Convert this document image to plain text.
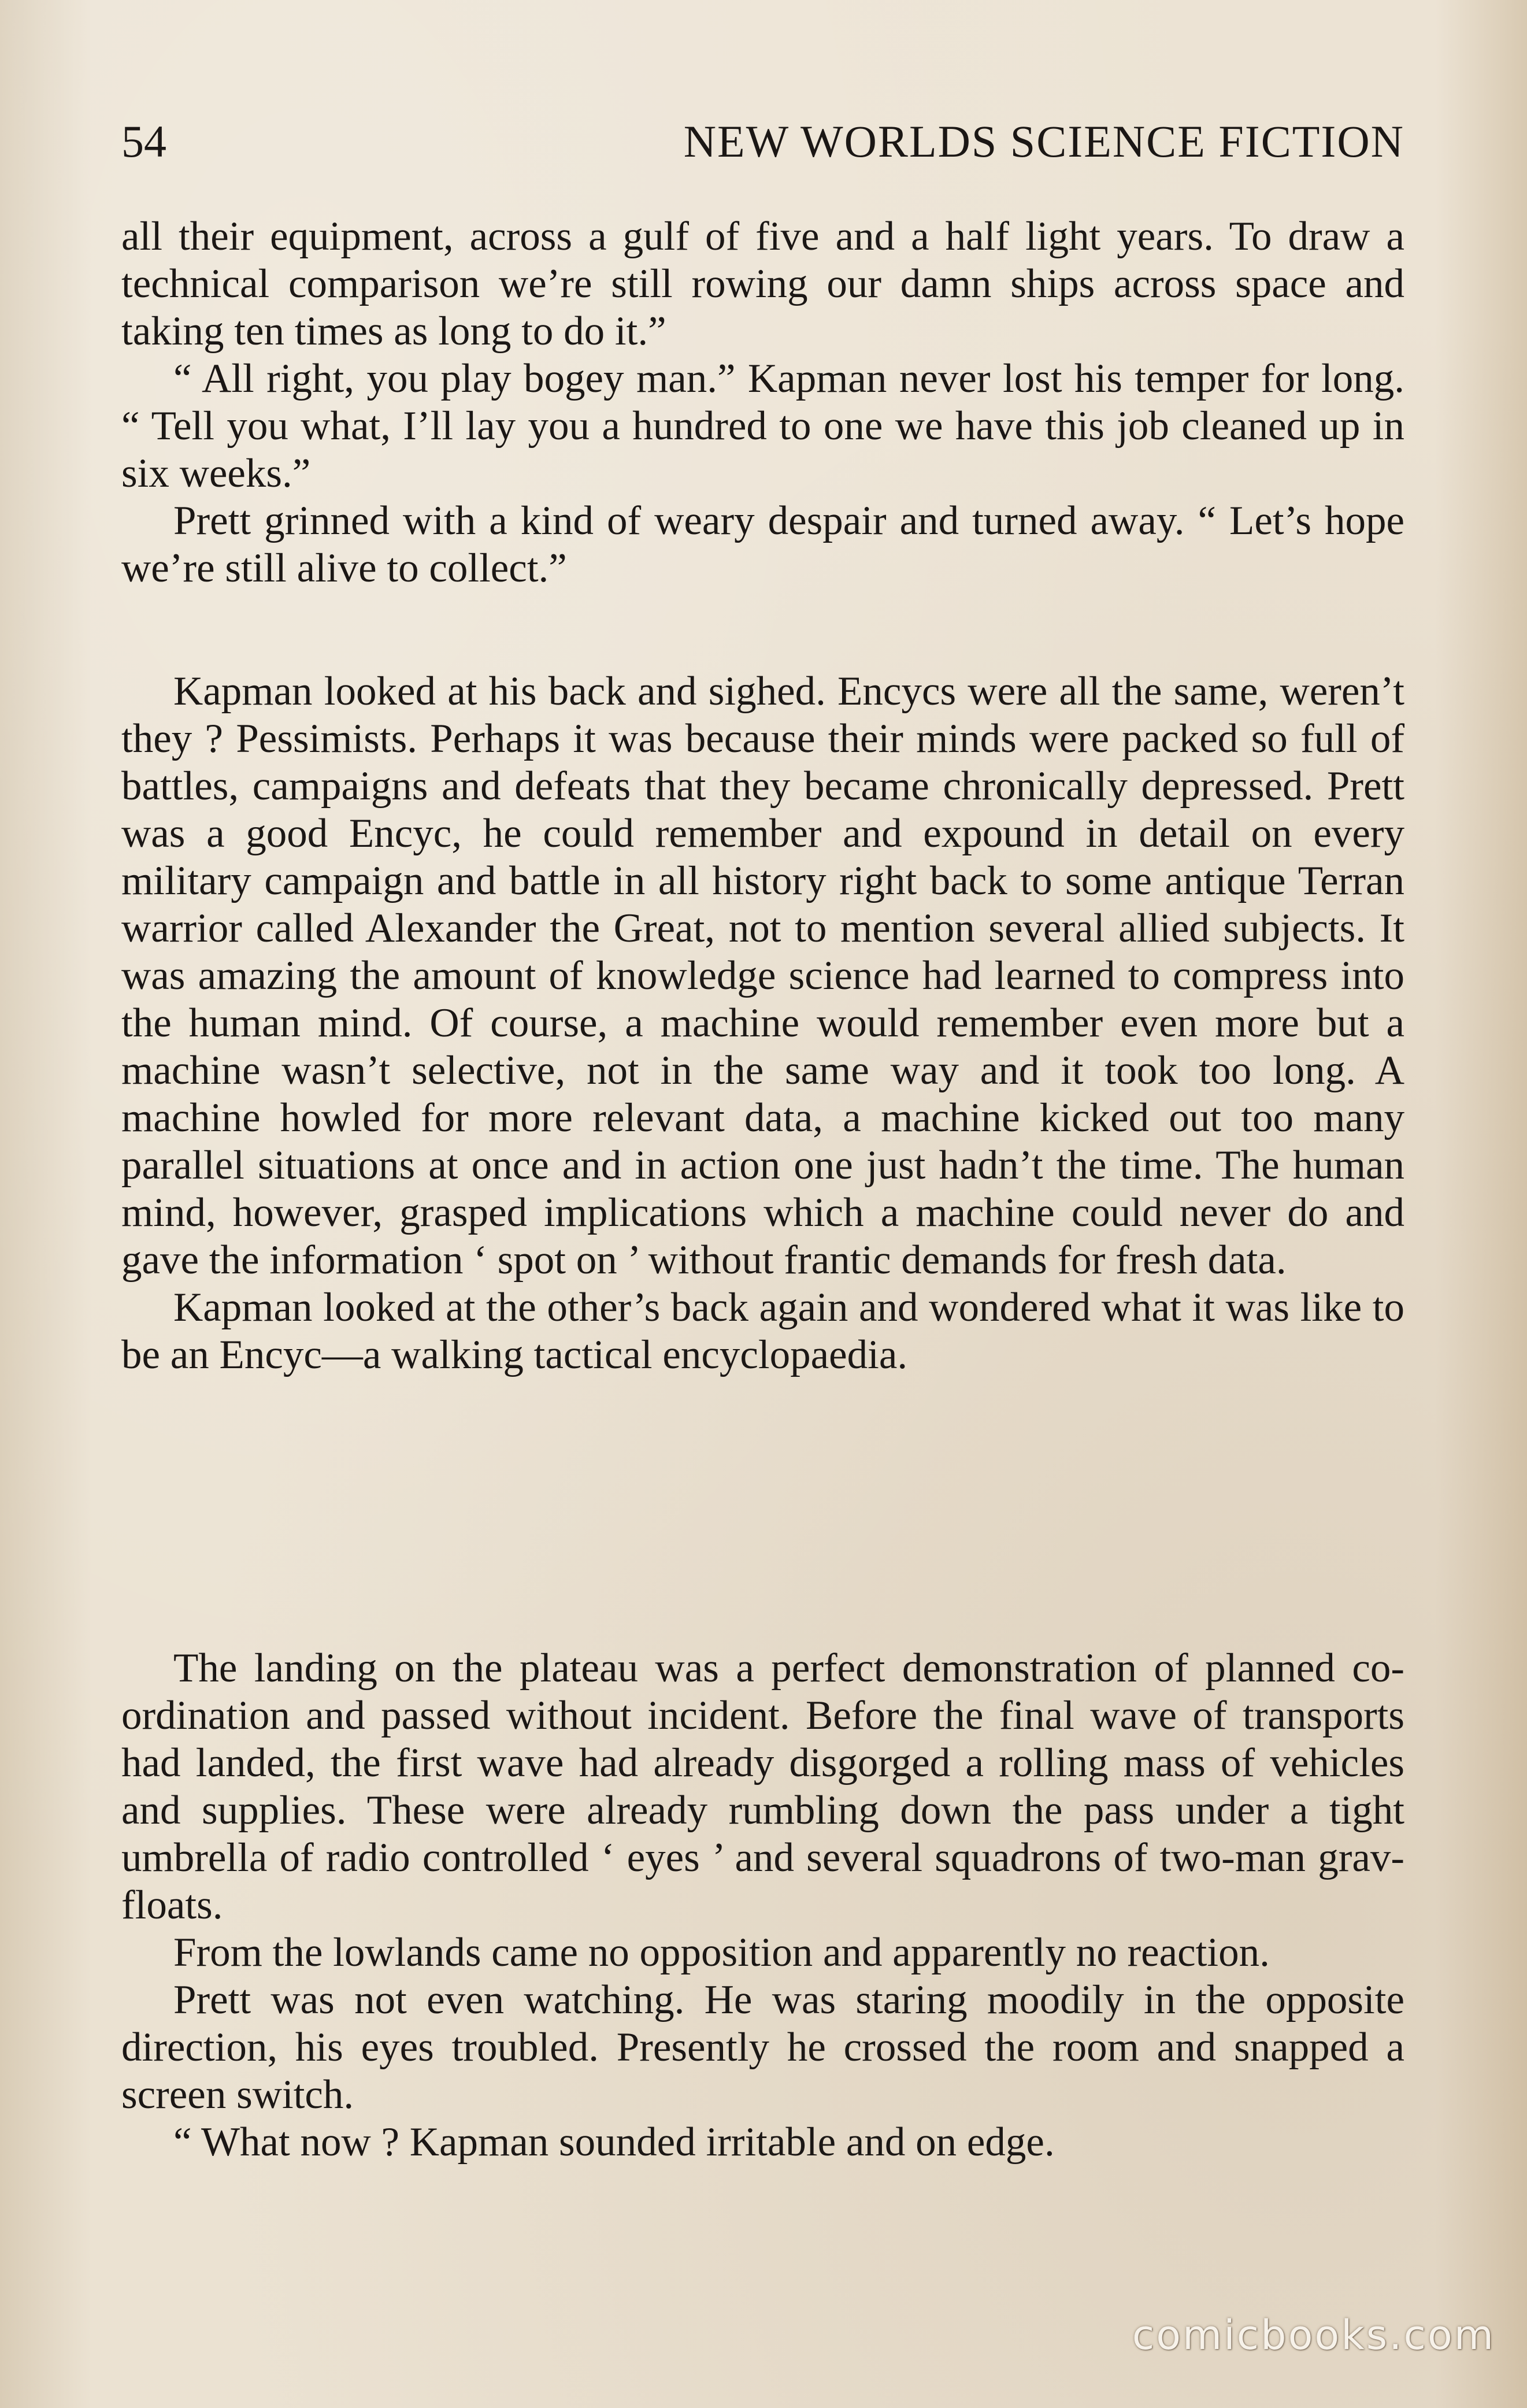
54	NEW WORLDS SCIENCE FICTION

all their equipment, across a gulf of five and a half light years. To draw a technical comparison we’re still rowing our damn ships across space and taking ten times as long to do it.”

“ All right, you play bogey man.” Kapman never lost his temper for long. “ Tell you what, I’ll lay you a hundred to one we have this job cleaned up in six weeks.”

Prett grinned with a kind of weary despair and turned away. “ Let’s hope we’re still alive to collect.”

Kapman looked at his back and sighed. Encycs were all the same, weren’t they ? Pessimists. Perhaps it was because their minds were packed so full of battles, campaigns and defeats that they became chronically depressed. Prett was a good Encyc, he could remember and expound in detail on every military campaign and battle in all history right back to some antique Terran warrior called Alexander the Great, not to mention several allied subjects. It was amazing the amount of knowledge science had learned to compress into the human mind. Of course, a machine would remember even more but a machine wasn’t selective, not in the same way and it took too long. A machine howled for more relevant data, a machine kicked out too many parallel situations at once and in action one just hadn’t the time. The human mind, however, grasped implications which a machine could never do and gave the information ‘ spot on ’ without frantic demands for fresh data.

Kapman looked at the other’s back again and wondered what it was like to be an Encyc—a walking tactical encyclopaedia.

The landing on the plateau was a perfect demonstration of planned co-ordination and passed without incident. Before the final wave of transports had landed, the first wave had already disgorged a rolling mass of vehicles and supplies. These were already rumbling down the pass under a tight umbrella of radio controlled ‘ eyes ’ and several squadrons of two-man grav-floats.

From the lowlands came no opposition and apparently no reaction.

Prett was not even watching. He was staring moodily in the opposite direction, his eyes troubled. Presently he crossed the room and snapped a screen switch.

“ What now ? Kapman sounded irritable and on edge.

comicbooks.com
